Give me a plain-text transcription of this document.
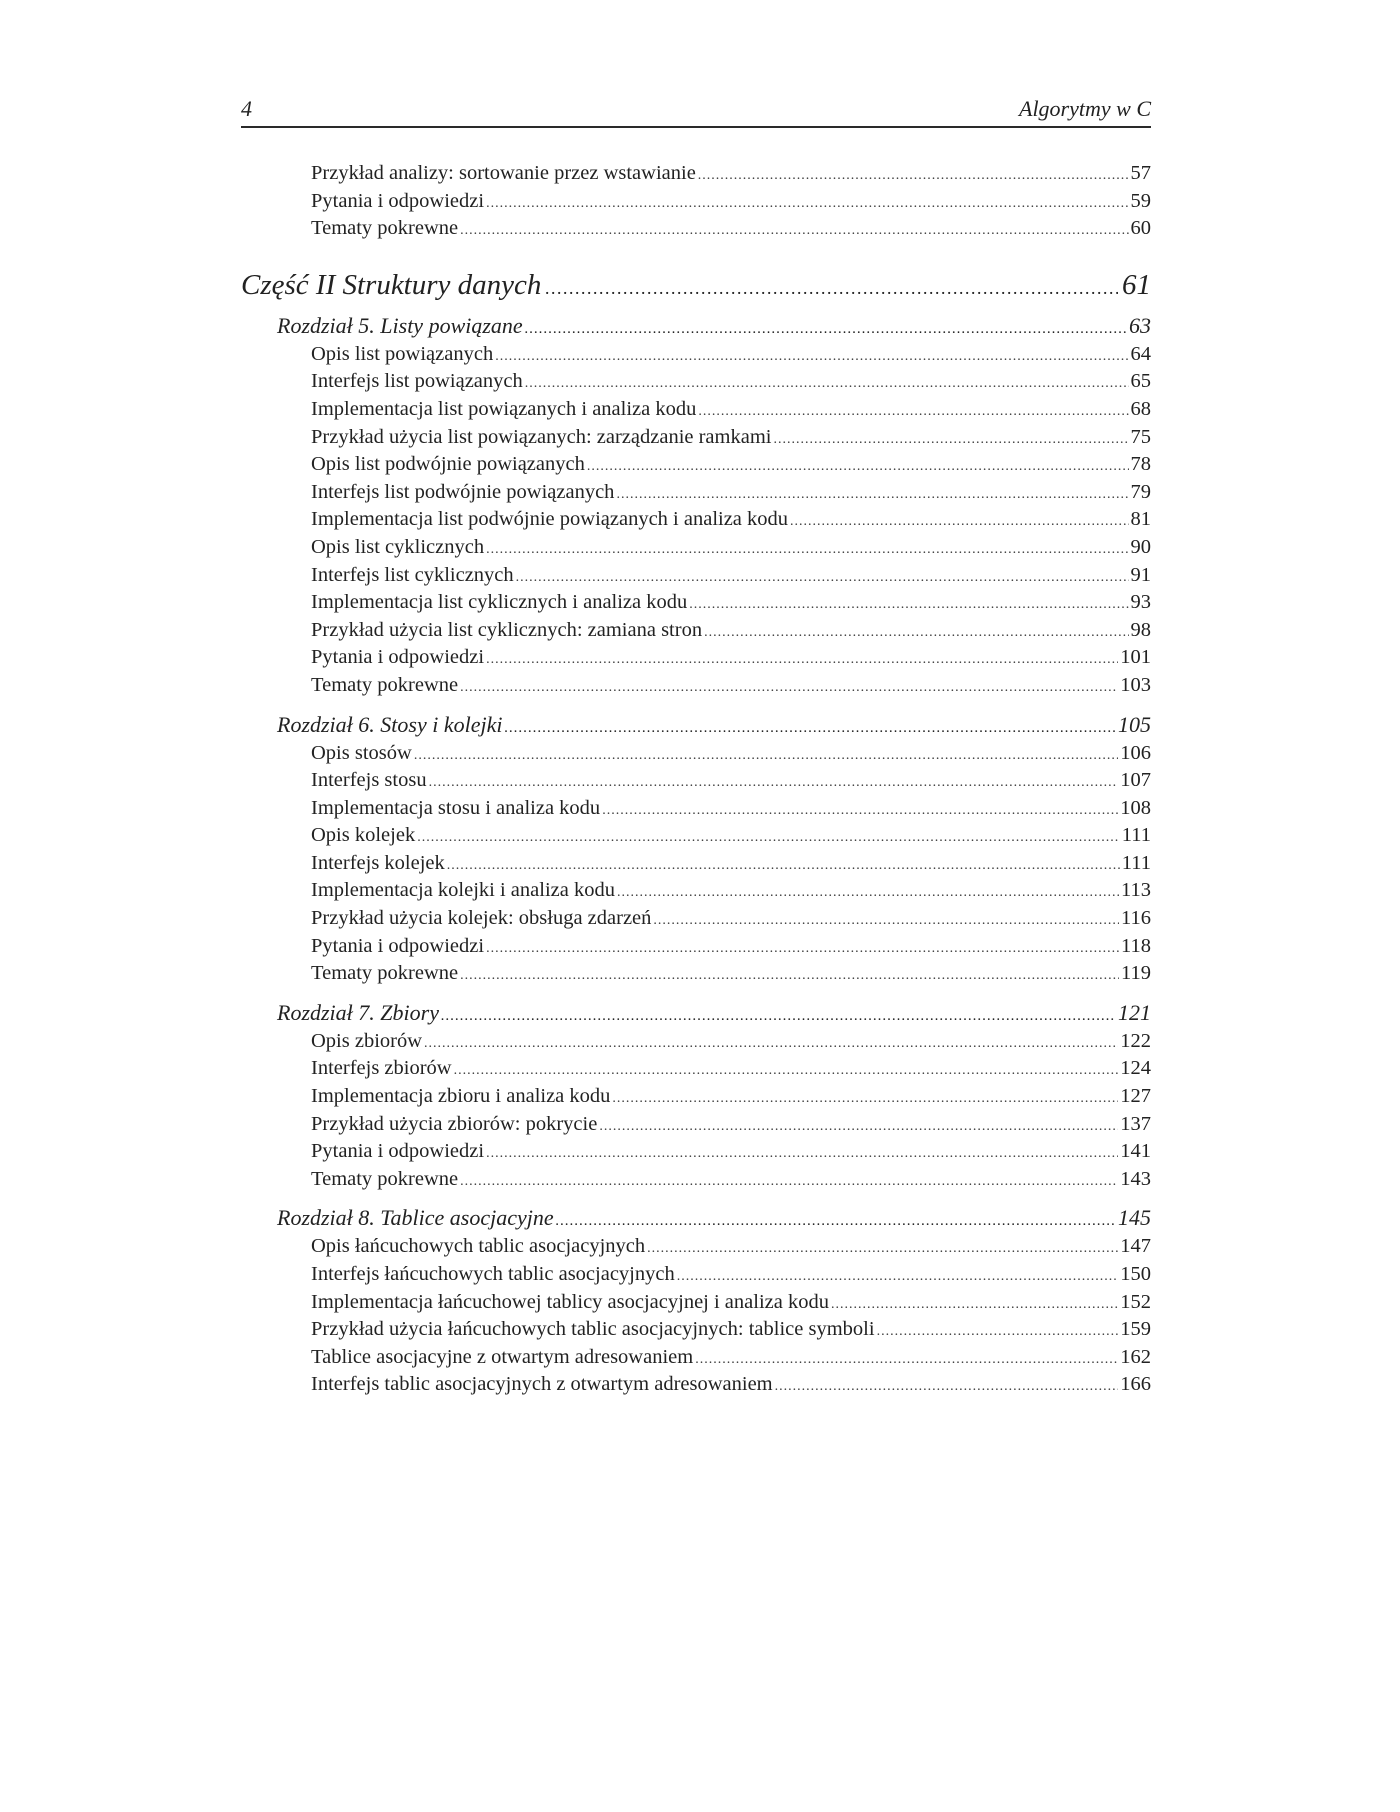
4	Algorytmy w C
Przykład analizy: sortowanie przez wstawianie .....	57
Pytania i odpowiedzi .....	59
Tematy pokrewne .....	60
Część II Struktury danych .....	61
Rozdział 5. Listy powiązane .....	63
Opis list powiązanych .....	64
Interfejs list powiązanych .....	65
Implementacja list powiązanych i analiza kodu .....	68
Przykład użycia list powiązanych: zarządzanie ramkami .....	75
Opis list podwójnie powiązanych .....	78
Interfejs list podwójnie powiązanych .....	79
Implementacja list podwójnie powiązanych i analiza kodu .....	81
Opis list cyklicznych .....	90
Interfejs list cyklicznych .....	91
Implementacja list cyklicznych i analiza kodu .....	93
Przykład użycia list cyklicznych: zamiana stron .....	98
Pytania i odpowiedzi .....	101
Tematy pokrewne .....	103
Rozdział 6. Stosy i kolejki .....	105
Opis stosów .....	106
Interfejs stosu .....	107
Implementacja stosu i analiza kodu .....	108
Opis kolejek .....	111
Interfejs kolejek .....	111
Implementacja kolejki i analiza kodu .....	113
Przykład użycia kolejek: obsługa zdarzeń .....	116
Pytania i odpowiedzi .....	118
Tematy pokrewne .....	119
Rozdział 7. Zbiory .....	121
Opis zbiorów .....	122
Interfejs zbiorów .....	124
Implementacja zbioru i analiza kodu .....	127
Przykład użycia zbiorów: pokrycie .....	137
Pytania i odpowiedzi .....	141
Tematy pokrewne .....	143
Rozdział 8. Tablice asocjacyjne .....	145
Opis łańcuchowych tablic asocjacyjnych .....	147
Interfejs łańcuchowych tablic asocjacyjnych .....	150
Implementacja łańcuchowej tablicy asocjacyjnej i analiza kodu .....	152
Przykład użycia łańcuchowych tablic asocjacyjnych: tablice symboli .....	159
Tablice asocjacyjne z otwartym adresowaniem .....	162
Interfejs tablic asocjacyjnych z otwartym adresowaniem .....	166
